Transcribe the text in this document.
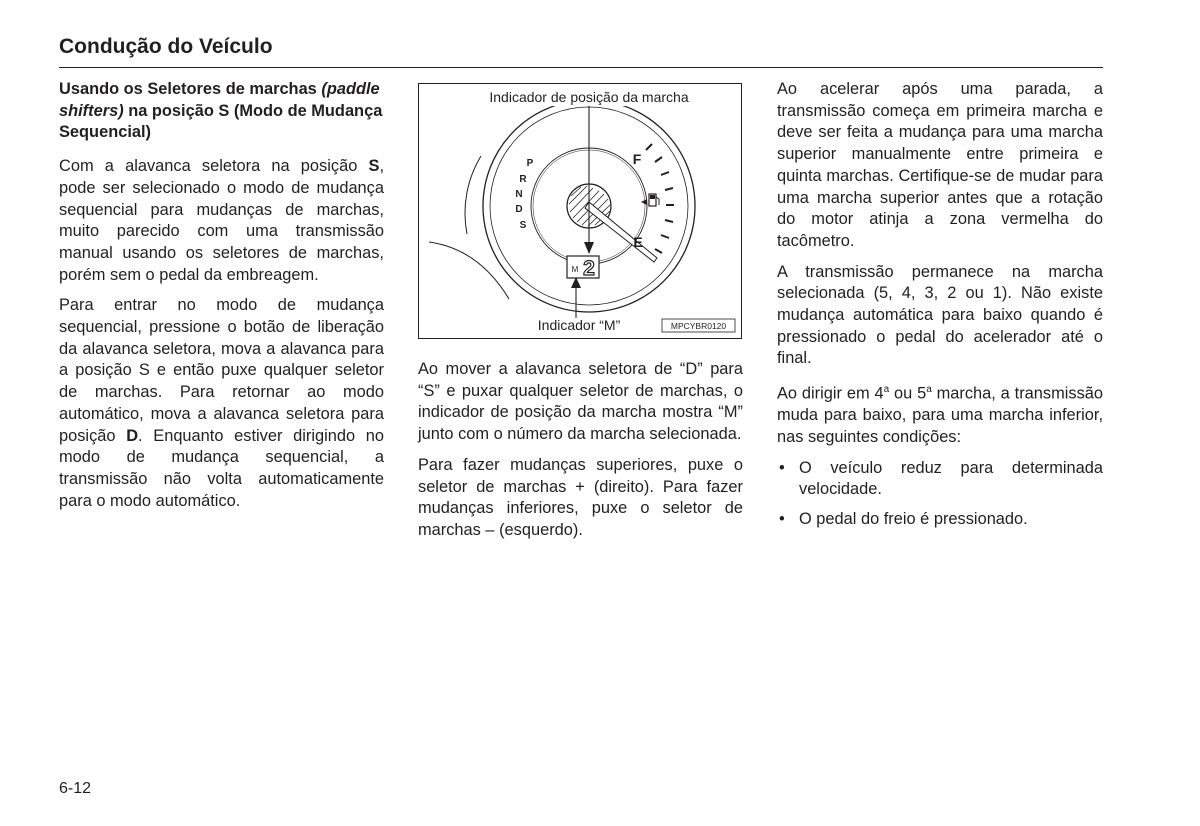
Condução do Veículo

Usando os Seletores de marchas (paddle shifters) na posição S (Modo de Mudança Sequencial)

Com a alavanca seletora na posição S, pode ser selecionado o modo de mudança sequencial para mudanças de marchas, muito parecido com uma transmissão manual usando os seletores de marchas, porém sem o pedal da embreagem.

Para entrar no modo de mudança sequencial, pressione o botão de liberação da alavanca seletora, mova a alavanca para a posição S e então puxe qualquer seletor de marchas. Para retornar ao modo automático, mova a alavanca seletora para posição D. Enquanto estiver dirigindo no modo de mudança sequencial, a transmissão não volta automaticamente para o modo automático.

P
R
N
D
S
F
E
M 2
Indicador de posição da marcha
Indicador “M”	MPCYBR0120

Ao mover a alavanca seletora de “D” para “S” e puxar qualquer seletor de marchas, o indicador de posição da marcha mostra “M” junto com o número da marcha selecionada.

Para fazer mudanças superiores, puxe o seletor de marchas + (direito). Para fazer mudanças inferiores, puxe o seletor de marchas – (esquerdo).

Ao acelerar após uma parada, a transmissão começa em primeira marcha e deve ser feita a mudança para uma marcha superior manualmente entre primeira e quinta marchas. Certifique-se de mudar para uma marcha superior antes que a rotação do motor atinja a zona vermelha do tacômetro.

A transmissão permanece na marcha selecionada (5, 4, 3, 2 ou 1). Não existe mudança automática para baixo quando é pressionado o pedal do acelerador até o final.

Ao dirigir em 4$^a$ ou 5$^a$ marcha, a transmissão muda para baixo, para uma marcha inferior, nas seguintes condições:

• O veículo reduz para determinada velocidade.
• O pedal do freio é pressionado.
6-12
